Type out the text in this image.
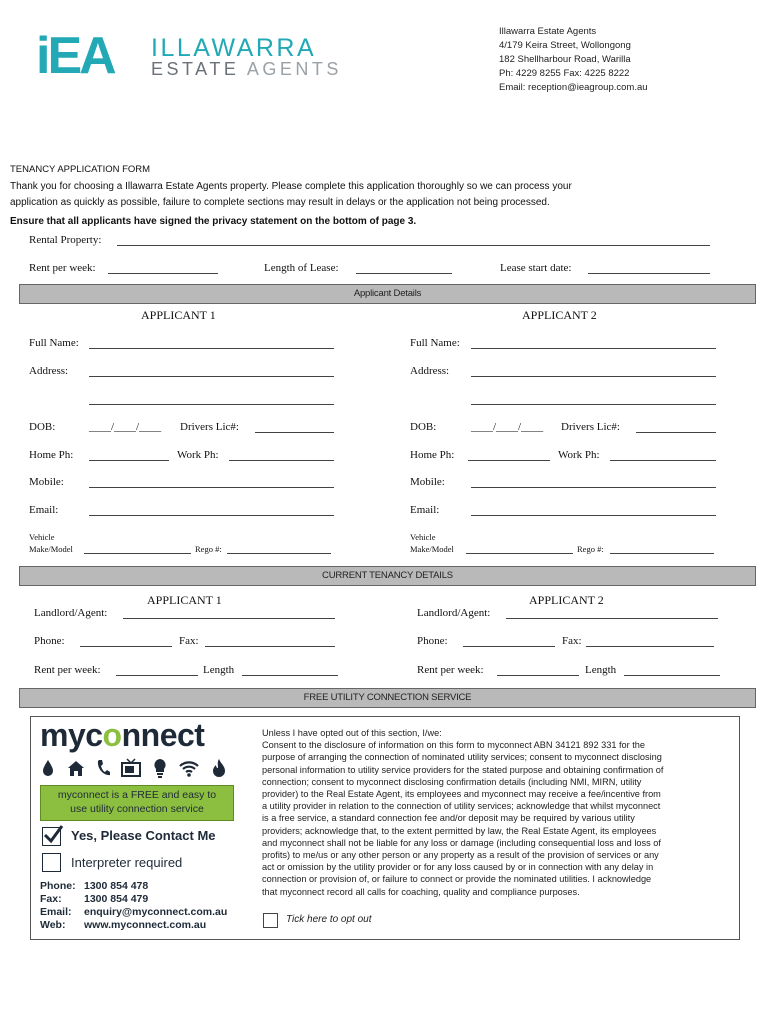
iEA ILLAWARRA
ESTATE AGENTS
Illawarra Estate Agents
4/179 Keira Street, Wollongong
182 Shellharbour Road, Warilla
Ph: 4229 8255 Fax: 4225 8222
Email: reception@ieagroup.com.au
TENANCY APPLICATION FORM
Thank you for choosing a Illawarra Estate Agents property. Please complete this application thoroughly so we can process your
application as quickly as possible, failure to complete sections may result in delays or the application not being processed.
Ensure that all applicants have signed the privacy statement on the bottom of page 3.
Rental Property:
Rent per week:	Length of Lease:	Lease start date:
Applicant Details
APPLICANT 1	APPLICANT 2
Full Name:
Address:
DOB:	____/____/____ Drivers Lic#:
Home Ph:	Work Ph:
Mobile:
Email:
Vehicle
Make/Model	Rego #:
Full Name:
Address:
DOB:	____/____/____ Drivers Lic#:
Home Ph:	Work Ph:
Mobile:
Email:
Vehicle
Make/Model	Rego #:
CURRENT TENANCY DETAILS
APPLICANT 1	APPLICANT 2
Landlord/Agent:	Landlord/Agent:
Phone:	Fax:	Phone:	Fax:
Rent per week:	Length	Rent per week:	Length
FREE UTILITY CONNECTION SERVICE
myconnect
myconnect is a FREE and easy to
use utility connection service
Yes, Please Contact Me
Interpreter required
Phone: 1300 854 478
Fax: 1300 854 479
Email: enquiry@myconnect.com.au
Web: www.myconnect.com.au
Unless I have opted out of this section, I/we:
Consent to the disclosure of information on this form to myconnect ABN 34121 892 331 for the
purpose of arranging the connection of nominated utility services; consent to myconnect disclosing
personal information to utility service providers for the stated purpose and obtaining confirmation of
connection; consent to myconnect disclosing confirmation details (including NMI, MIRN, utility
provider) to the Real Estate Agent, its employees and myconnect may receive a fee/incentive from
a utility provider in relation to the connection of utility services; acknowledge that whilst myconnect
is a free service, a standard connection fee and/or deposit may be required by various utility
providers; acknowledge that, to the extent permitted by law, the Real Estate Agent, its employees
and myconnect shall not be liable for any loss or damage (including consequential loss and loss of
profits) to me/us or any other person or any property as a result of the provision of services or any
act or omission by the utility provider or for any loss caused by or in connection with any delay in
connection or provision of, or failure to connect or provide the nominated utilities. I acknowledge
that myconnect record all calls for coaching, quality and compliance purposes.
Tick here to opt out
